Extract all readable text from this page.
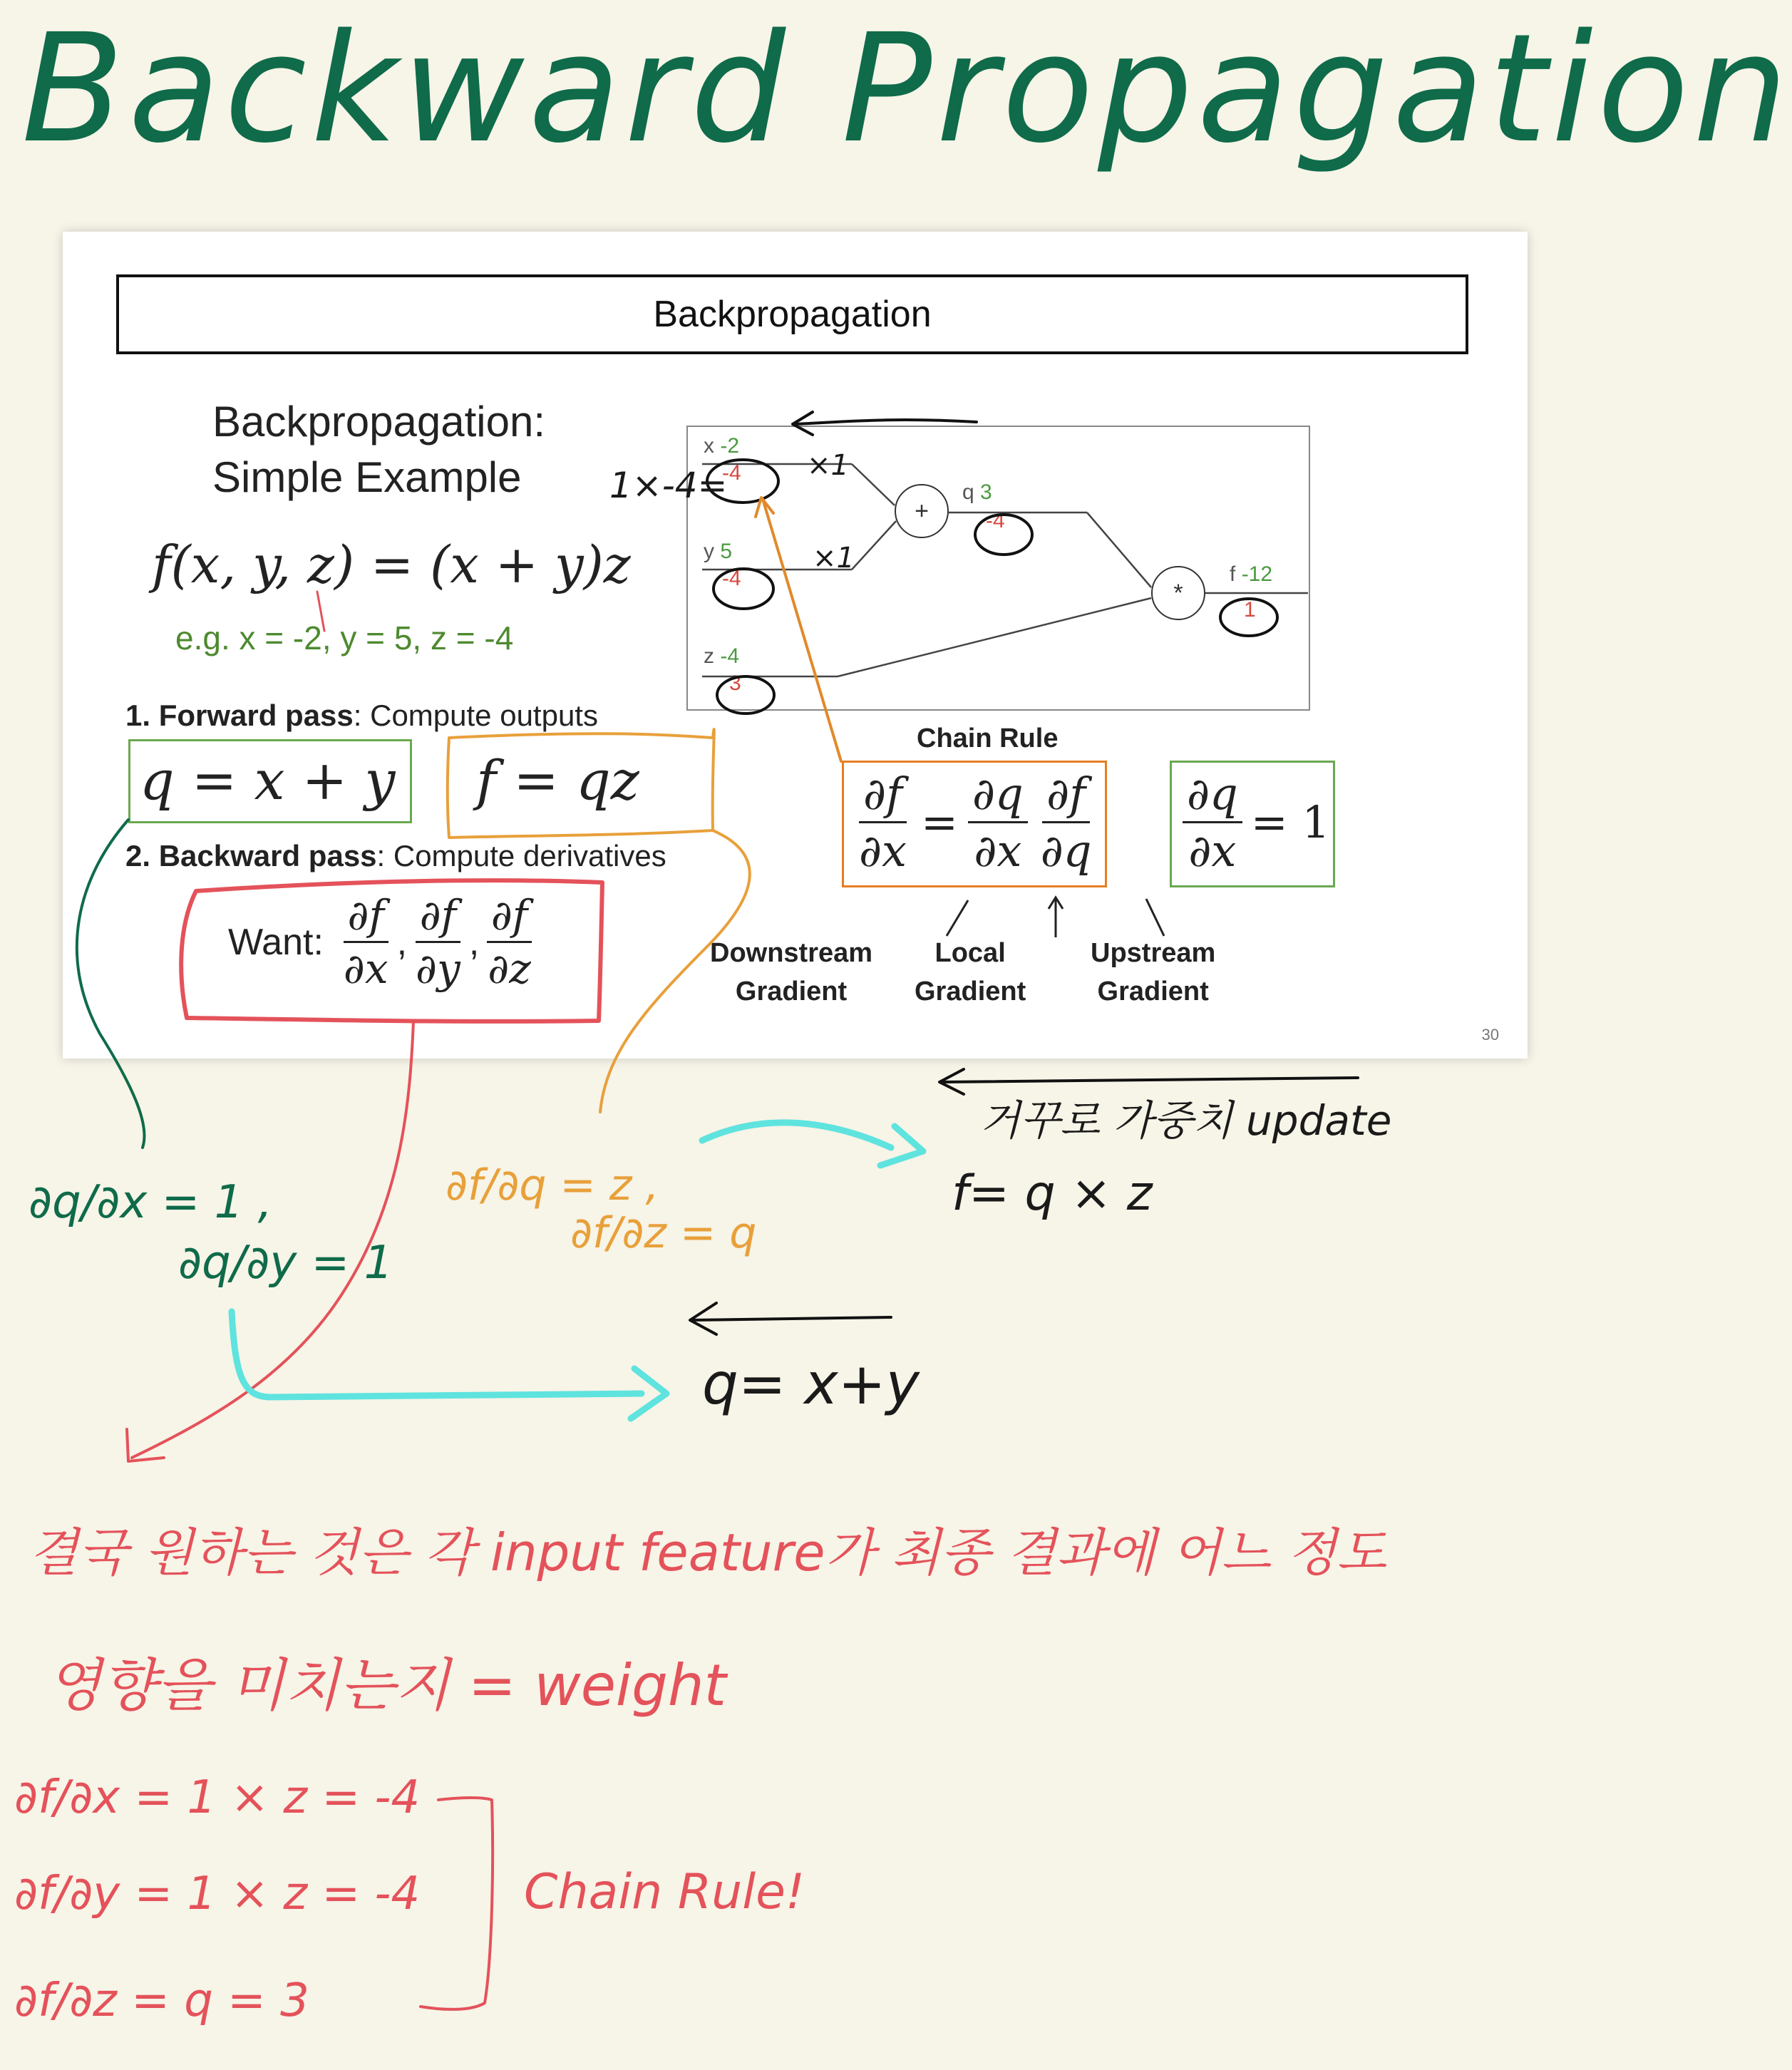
Backward Propagation
Backpropagation
Backpropagation:
Simple Example
f(x, y, z) = (x + y)z
e.g. x = -2, y = 5, z = -4
1. Forward pass: Compute outputs
q = x + y f = qz
2. Backward pass: Compute derivatives
Want: $\frac{\partial f}{\partial x}$ , $\frac{\partial f}{\partial y}$ , $\frac{\partial f}{\partial z}$
+
*
x -2
-4
y 5
-4
z -4
3
q 3
-4
f -12
1
Chain Rule
$\frac{\partial f}{\partial x} = \frac{\partial q}{\partial x} \frac{\partial f}{\partial q} \frac{\partial q}{\partial x} = 1$
Downstream
Gradient
Local
Gradient
Upstream
Gradient
30
1×-4=	×1
×1
∂q/∂x = 1 ,
∂q/∂y = 1
∂f/∂q = z ,
∂f/∂z = q
거꾸로 가중치 update
f= q × z
q= x+y
결국 원하는 것은 각 input feature가 최종 결과에 어느 정도
영향을 미치는지 = weight
∂f/∂x = 1 × z = -4
∂f/∂y = 1 × z = -4
∂f/∂z = q = 3
Chain Rule!
